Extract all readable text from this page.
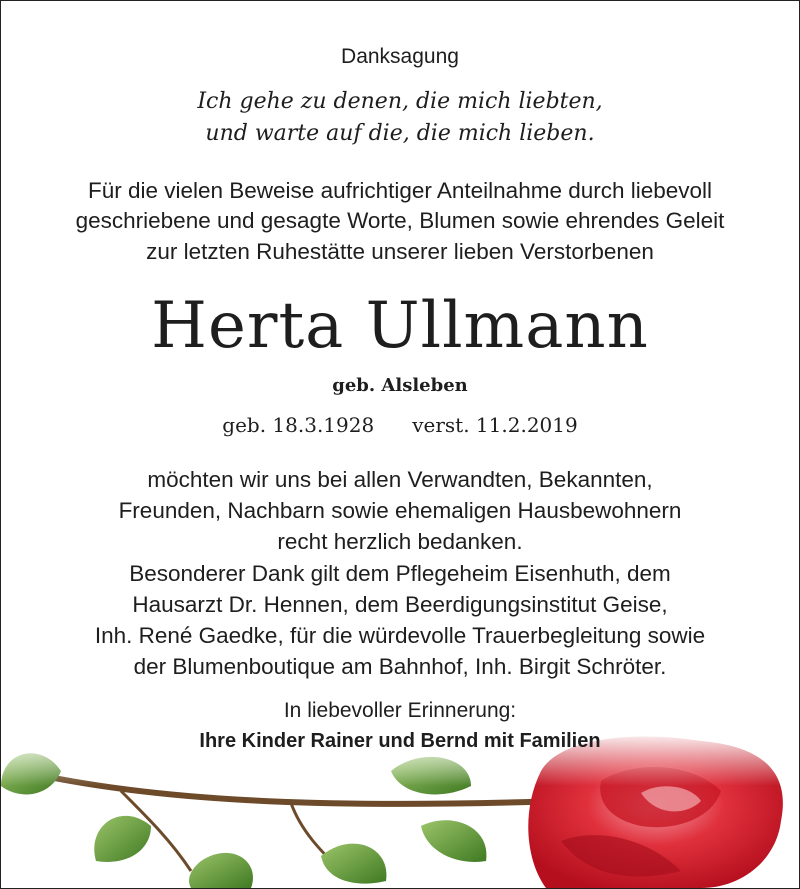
Danksagung
Ich gehe zu denen, die mich liebten,
und warte auf die, die mich lieben.
Für die vielen Beweise aufrichtiger Anteilnahme durch liebevoll
geschriebene und gesagte Worte, Blumen sowie ehrendes Geleit
zur letzten Ruhestätte unserer lieben Verstorbenen
Herta Ullmann
geb. Alsleben
geb. 18.3.1928 verst. 11.2.2019
möchten wir uns bei allen Verwandten, Bekannten,
Freunden, Nachbarn sowie ehemaligen Hausbewohnern
recht herzlich bedanken.
Besonderer Dank gilt dem Pflegeheim Eisenhuth, dem
Hausarzt Dr. Hennen, dem Beerdigungsinstitut Geise,
Inh. René Gaedke, für die würdevolle Trauerbegleitung sowie
der Blumenboutique am Bahnhof, Inh. Birgit Schröter.
In liebevoller Erinnerung:
Ihre Kinder Rainer und Bernd mit Familien
